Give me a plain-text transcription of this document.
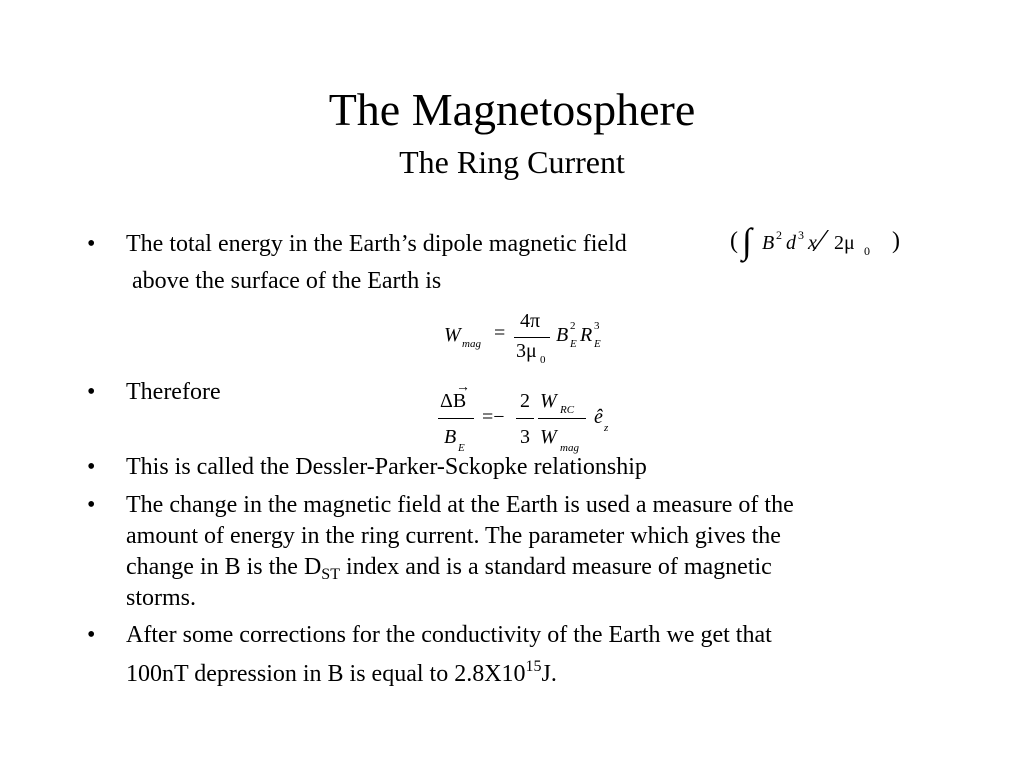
The Magnetosphere
The Ring Current
• The total energy in the Earth’s dipole magnetic field	( ∫ B 2 d 3 x ⁄ 2μ 0 )
above the surface of the Earth is
W mag =
4π
3μ 0
B 2
E R 3
E
• Therefore	ΔB
→
B E
=−
2
3
W RC
W mag
ê z
• This is called the Dessler-Parker-Sckopke relationship
• The change in the magnetic field at the Earth is used a measure of the
amount of energy in the ring current. The parameter which gives the
change in B is the $D_{ST}$ index and is a standard measure of magnetic
storms.
• After some corrections for the conductivity of the Earth we get that
100nT depression in B is equal to $2.8X10^{15}J$.
